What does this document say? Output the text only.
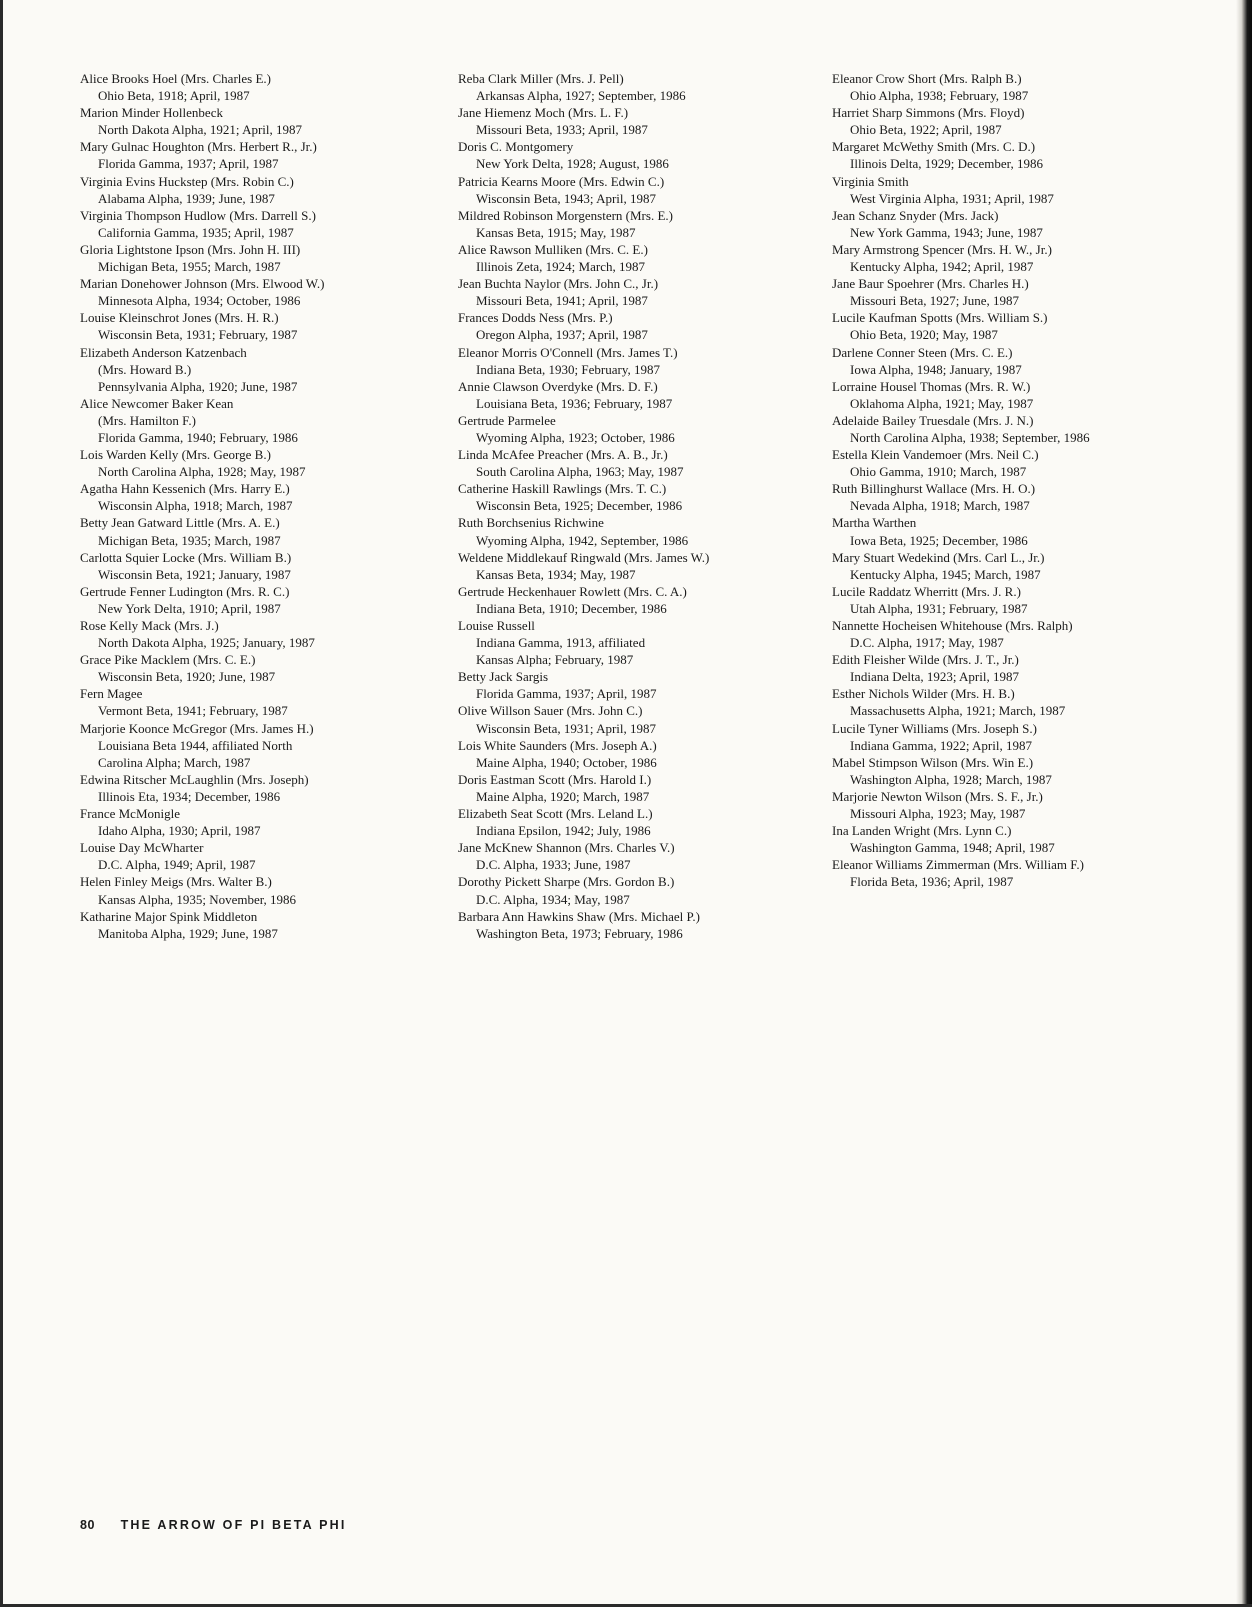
Alice Brooks Hoel (Mrs. Charles E.)
Ohio Beta, 1918; April, 1987
Marion Minder Hollenbeck
North Dakota Alpha, 1921; April, 1987
Mary Gulnac Houghton (Mrs. Herbert R., Jr.)
Florida Gamma, 1937; April, 1987
Virginia Evins Huckstep (Mrs. Robin C.)
Alabama Alpha, 1939; June, 1987
Virginia Thompson Hudlow (Mrs. Darrell S.)
California Gamma, 1935; April, 1987
Gloria Lightstone Ipson (Mrs. John H. III)
Michigan Beta, 1955; March, 1987
Marian Donehower Johnson (Mrs. Elwood W.)
Minnesota Alpha, 1934; October, 1986
Louise Kleinschrot Jones (Mrs. H. R.)
Wisconsin Beta, 1931; February, 1987
Elizabeth Anderson Katzenbach
(Mrs. Howard B.)
Pennsylvania Alpha, 1920; June, 1987
Alice Newcomer Baker Kean
(Mrs. Hamilton F.)
Florida Gamma, 1940; February, 1986
Lois Warden Kelly (Mrs. George B.)
North Carolina Alpha, 1928; May, 1987
Agatha Hahn Kessenich (Mrs. Harry E.)
Wisconsin Alpha, 1918; March, 1987
Betty Jean Gatward Little (Mrs. A. E.)
Michigan Beta, 1935; March, 1987
Carlotta Squier Locke (Mrs. William B.)
Wisconsin Beta, 1921; January, 1987
Gertrude Fenner Ludington (Mrs. R. C.)
New York Delta, 1910; April, 1987
Rose Kelly Mack (Mrs. J.)
North Dakota Alpha, 1925; January, 1987
Grace Pike Macklem (Mrs. C. E.)
Wisconsin Beta, 1920; June, 1987
Fern Magee
Vermont Beta, 1941; February, 1987
Marjorie Koonce McGregor (Mrs. James H.)
Louisiana Beta 1944, affiliated North
Carolina Alpha; March, 1987
Edwina Ritscher McLaughlin (Mrs. Joseph)
Illinois Eta, 1934; December, 1986
France McMonigle
Idaho Alpha, 1930; April, 1987
Louise Day McWharter
D.C. Alpha, 1949; April, 1987
Helen Finley Meigs (Mrs. Walter B.)
Kansas Alpha, 1935; November, 1986
Katharine Major Spink Middleton
Manitoba Alpha, 1929; June, 1987
Reba Clark Miller (Mrs. J. Pell)
Arkansas Alpha, 1927; September, 1986
Jane Hiemenz Moch (Mrs. L. F.)
Missouri Beta, 1933; April, 1987
Doris C. Montgomery
New York Delta, 1928; August, 1986
Patricia Kearns Moore (Mrs. Edwin C.)
Wisconsin Beta, 1943; April, 1987
Mildred Robinson Morgenstern (Mrs. E.)
Kansas Beta, 1915; May, 1987
Alice Rawson Mulliken (Mrs. C. E.)
Illinois Zeta, 1924; March, 1987
Jean Buchta Naylor (Mrs. John C., Jr.)
Missouri Beta, 1941; April, 1987
Frances Dodds Ness (Mrs. P.)
Oregon Alpha, 1937; April, 1987
Eleanor Morris O'Connell (Mrs. James T.)
Indiana Beta, 1930; February, 1987
Annie Clawson Overdyke (Mrs. D. F.)
Louisiana Beta, 1936; February, 1987
Gertrude Parmelee
Wyoming Alpha, 1923; October, 1986
Linda McAfee Preacher (Mrs. A. B., Jr.)
South Carolina Alpha, 1963; May, 1987
Catherine Haskill Rawlings (Mrs. T. C.)
Wisconsin Beta, 1925; December, 1986
Ruth Borchsenius Richwine
Wyoming Alpha, 1942, September, 1986
Weldene Middlekauf Ringwald (Mrs. James W.)
Kansas Beta, 1934; May, 1987
Gertrude Heckenhauer Rowlett (Mrs. C. A.)
Indiana Beta, 1910; December, 1986
Louise Russell
Indiana Gamma, 1913, affiliated
Kansas Alpha; February, 1987
Betty Jack Sargis
Florida Gamma, 1937; April, 1987
Olive Willson Sauer (Mrs. John C.)
Wisconsin Beta, 1931; April, 1987
Lois White Saunders (Mrs. Joseph A.)
Maine Alpha, 1940; October, 1986
Doris Eastman Scott (Mrs. Harold I.)
Maine Alpha, 1920; March, 1987
Elizabeth Seat Scott (Mrs. Leland L.)
Indiana Epsilon, 1942; July, 1986
Jane McKnew Shannon (Mrs. Charles V.)
D.C. Alpha, 1933; June, 1987
Dorothy Pickett Sharpe (Mrs. Gordon B.)
D.C. Alpha, 1934; May, 1987
Barbara Ann Hawkins Shaw (Mrs. Michael P.)
Washington Beta, 1973; February, 1986
Eleanor Crow Short (Mrs. Ralph B.)
Ohio Alpha, 1938; February, 1987
Harriet Sharp Simmons (Mrs. Floyd)
Ohio Beta, 1922; April, 1987
Margaret McWethy Smith (Mrs. C. D.)
Illinois Delta, 1929; December, 1986
Virginia Smith
West Virginia Alpha, 1931; April, 1987
Jean Schanz Snyder (Mrs. Jack)
New York Gamma, 1943; June, 1987
Mary Armstrong Spencer (Mrs. H. W., Jr.)
Kentucky Alpha, 1942; April, 1987
Jane Baur Spoehrer (Mrs. Charles H.)
Missouri Beta, 1927; June, 1987
Lucile Kaufman Spotts (Mrs. William S.)
Ohio Beta, 1920; May, 1987
Darlene Conner Steen (Mrs. C. E.)
Iowa Alpha, 1948; January, 1987
Lorraine Housel Thomas (Mrs. R. W.)
Oklahoma Alpha, 1921; May, 1987
Adelaide Bailey Truesdale (Mrs. J. N.)
North Carolina Alpha, 1938; September, 1986
Estella Klein Vandemoer (Mrs. Neil C.)
Ohio Gamma, 1910; March, 1987
Ruth Billinghurst Wallace (Mrs. H. O.)
Nevada Alpha, 1918; March, 1987
Martha Warthen
Iowa Beta, 1925; December, 1986
Mary Stuart Wedekind (Mrs. Carl L., Jr.)
Kentucky Alpha, 1945; March, 1987
Lucile Raddatz Wherritt (Mrs. J. R.)
Utah Alpha, 1931; February, 1987
Nannette Hocheisen Whitehouse (Mrs. Ralph)
D.C. Alpha, 1917; May, 1987
Edith Fleisher Wilde (Mrs. J. T., Jr.)
Indiana Delta, 1923; April, 1987
Esther Nichols Wilder (Mrs. H. B.)
Massachusetts Alpha, 1921; March, 1987
Lucile Tyner Williams (Mrs. Joseph S.)
Indiana Gamma, 1922; April, 1987
Mabel Stimpson Wilson (Mrs. Win E.)
Washington Alpha, 1928; March, 1987
Marjorie Newton Wilson (Mrs. S. F., Jr.)
Missouri Alpha, 1923; May, 1987
Ina Landen Wright (Mrs. Lynn C.)
Washington Gamma, 1948; April, 1987
Eleanor Williams Zimmerman (Mrs. William F.)
Florida Beta, 1936; April, 1987
80 THE ARROW OF PI BETA PHI
